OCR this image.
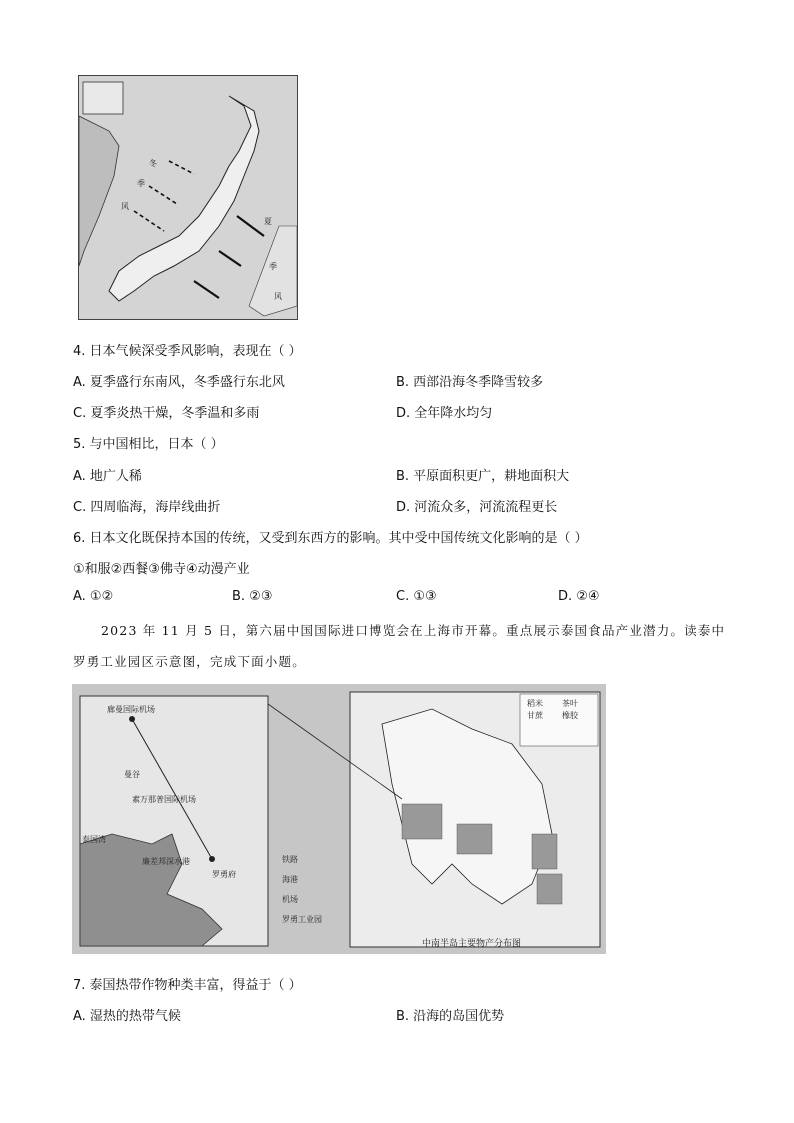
冬
季
风
夏
季
风
4. 日本气候深受季风影响，表现在（ ）
A. 夏季盛行东南风，冬季盛行东北风	B. 西部沿海冬季降雪较多
C. 夏季炎热干燥，冬季温和多雨	D. 全年降水均匀
5. 与中国相比，日本（ ）
A. 地广人稀	B. 平原面积更广，耕地面积大
C. 四周临海，海岸线曲折	D. 河流众多，河流流程更长
6. 日本文化既保持本国的传统，又受到东西方的影响。其中受中国传统文化影响的是（ ）
①和服②西餐③佛寺④动漫产业
A. ①②	B. ②③	C. ①③	D. ②④
2023 年 11 月 5 日，第六届中国国际进口博览会在上海市开幕。重点展示泰国食品产业潜力。读泰中
罗勇工业园区示意图，完成下面小题。
廊曼国际机场
曼谷
素万那普国际机场
泰国湾
廉差邦深水港
罗勇府
铁路
海港
机场
罗勇工业园
稻米
甘蔗
茶叶
橡胶
中南半岛主要物产分布图
7. 泰国热带作物种类丰富，得益于（ ）
A. 湿热的热带气候	B. 沿海的岛国优势
